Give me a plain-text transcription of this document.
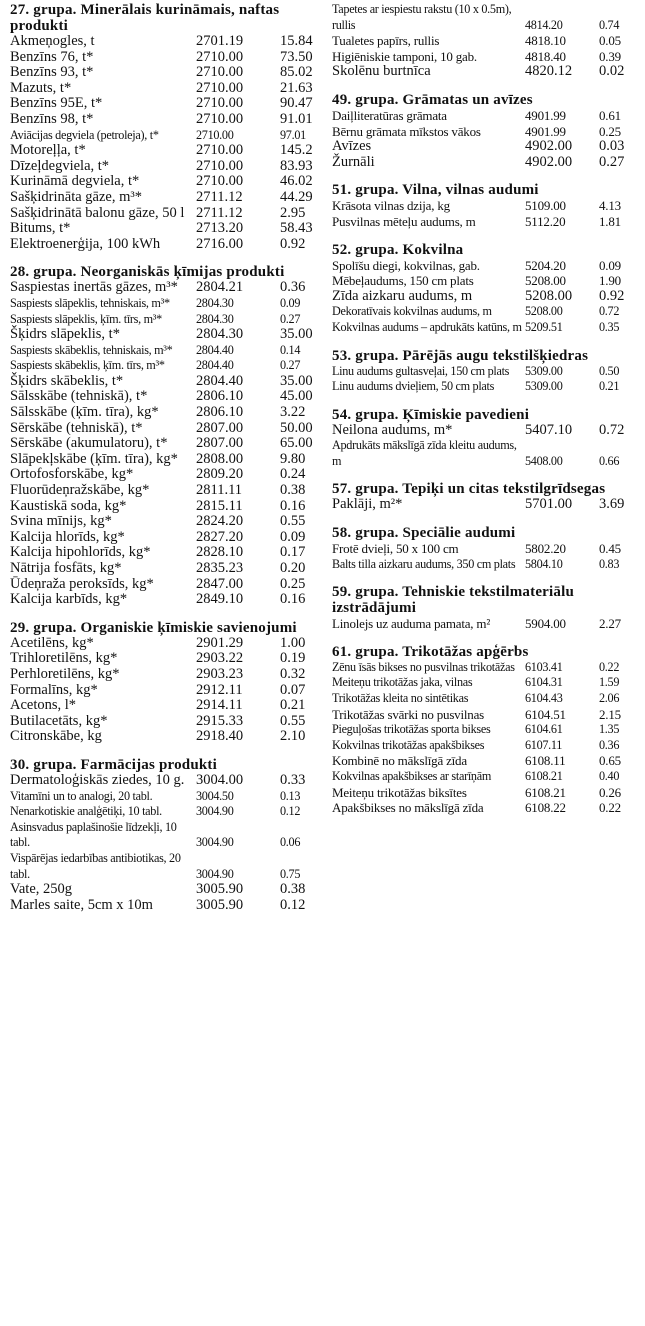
27. grupa. Minerālais kurināmais, naftas produkti
Akmeņogles, t	2701.19	15.84
Benzīns 76, t*	2710.00	73.50
Benzīns 93, t*	2710.00	85.02
Mazuts, t*	2710.00	21.63
Benzīns 95E, t*	2710.00	90.47
Benzīns 98, t*	2710.00	91.01
Aviācijas degviela (petroleja), t*	2710.00	97.01
Motoreļļa, t*	2710.00	145.2
Dīzeļdegviela, t*	2710.00	83.93
Kurināmā degviela, t*	2710.00	46.02
Sašķidrināta gāze, m³*	2711.12	44.29
Sašķidrinātā balonu gāze, 50 l 2711.12	2.95
Bitums, t*	2713.20	58.43
Elektroenerģija, 100 kWh	2716.00	0.92
28. grupa. Neorganiskās ķīmijas produkti
Saspiestas inertās gāzes, m³*	2804.21	0.36
Saspiests slāpeklis, tehniskais, m³*	2804.30	0.09
Saspiests slāpeklis, ķīm. tīrs, m³*	2804.30	0.27
Šķidrs slāpeklis, t*	2804.30	35.00
Saspiests skābeklis, tehniskais, m³*	2804.40	0.14
Saspiests skābeklis, ķīm. tīrs, m³*	2804.40	0.27
Šķidrs skābeklis, t*	2804.40	35.00
Sālsskābe (tehniskā), t*	2806.10	45.00
Sālsskābe (ķīm. tīra), kg*	2806.10	3.22
Sērskābe (tehniskā), t*	2807.00	50.00
Sērskābe (akumulatoru), t*	2807.00	65.00
Slāpekļskābe (ķīm. tīra), kg*	2808.00	9.80
Ortofosforskābe, kg*	2809.20	0.24
Fluorūdeņražskābe, kg*	2811.11	0.38
Kaustiskā soda, kg*	2815.11	0.16
Svina mīnijs, kg*	2824.20	0.55
Kalcija hlorīds, kg*	2827.20	0.09
Kalcija hipohlorīds, kg*	2828.10	0.17
Nātrija fosfāts, kg*	2835.23	0.20
Ūdeņraža peroksīds, kg*	2847.00	0.25
Kalcija karbīds, kg*	2849.10	0.16
29. grupa. Organiskie ķīmiskie savienojumi
Acetilēns, kg*	2901.29	1.00
Trihloretilēns, kg*	2903.22	0.19
Perhloretilēns, kg*	2903.23	0.32
Formalīns, kg*	2912.11	0.07
Acetons, l*	2914.11	0.21
Butilacetāts, kg*	2915.33	0.55
Citronskābe, kg	2918.40	2.10
30. grupa. Farmācijas produkti
Dermatoloģiskās ziedes, 10 g. 3004.00	0.33
Vitamīni un to analogi, 20 tabl.	3004.50	0.13
Nenarkotiskie analģētiķi, 10 tabl.	3004.90	0.12
Asinsvadus paplašinošie līdzekļi, 10 tabl.	3004.90	0.06
Vispārējas iedarbības antibiotikas, 20 tabl.	3004.90	0.75
Vate, 250g	3005.90	0.38
Marles saite, 5cm x 10m	3005.90	0.12
Tapetes ar iespiestu rakstu (10 x 0.5m), rullis	4814.20	0.74
Tualetes papīrs, rullis	4818.10	0.05
Higiēniskie tamponi, 10 gab.	4818.40	0.39
Skolēnu burtnīca	4820.12	0.02
49. grupa. Grāmatas un avīzes
Daiļliteratūras grāmata	4901.99	0.61
Bērnu grāmata mīkstos vākos	4901.99	0.25
Avīzes	4902.00	0.03
Žurnāli	4902.00	0.27
51. grupa. Vilna, vilnas audumi
Krāsota vilnas dzija, kg	5109.00	4.13
Pusvilnas mēteļu audums, m	5112.20	1.81
52. grupa. Kokvilna
Spolīšu diegi, kokvilnas, gab.	5204.20	0.09
Mēbeļaudums, 150 cm plats	5208.00	1.90
Zīda aizkaru audums, m	5208.00	0.92
Dekoratīvais kokvilnas audums, m	5208.00	0.72
Kokvilnas audums – apdrukāts katūns, m 5209.51	0.35
53. grupa. Pārējās augu tekstilšķiedras
Linu audums gultasveļai, 150 cm plats	5309.00	0.50
Linu audums dvieļiem, 50 cm plats	5309.00	0.21
54. grupa. Ķīmiskie pavedieni
Neilona audums, m*	5407.10	0.72
Apdrukāts mākslīgā zīda kleitu audums, m	5408.00	0.66
57. grupa. Tepiķi un citas tekstilgrīdsegas
Paklāji, m²*	5701.00	3.69
58. grupa. Speciālie audumi
Frotē dvieļi, 50 x 100 cm	5802.20	0.45
Balts tilla aizkaru audums, 350 cm plats 5804.10	0.83
59. grupa. Tehniskie tekstilmateriālu izstrādājumi
Linolejs uz auduma pamata, m²	5904.00	2.27
61. grupa. Trikotāžas apģērbs
Zēnu īsās bikses no pusvilnas trikotāžas 6103.41	0.22
Meiteņu trikotāžas jaka, vilnas	6104.31	1.59
Trikotāžas kleita no sintētikas	6104.43	2.06
Trikotāžas svārki no pusvilnas	6104.51	2.15
Pieguļošas trikotāžas sporta bikses	6104.61	1.35
Kokvilnas trikotāžas apakšbikses	6107.11	0.36
Kombinē no mākslīgā zīda	6108.11	0.65
Kokvilnas apakšbikses ar starīņām	6108.21	0.40
Meiteņu trikotāžas biksītes	6108.21	0.26
Apakšbikses no mākslīgā zīda	6108.22	0.22
